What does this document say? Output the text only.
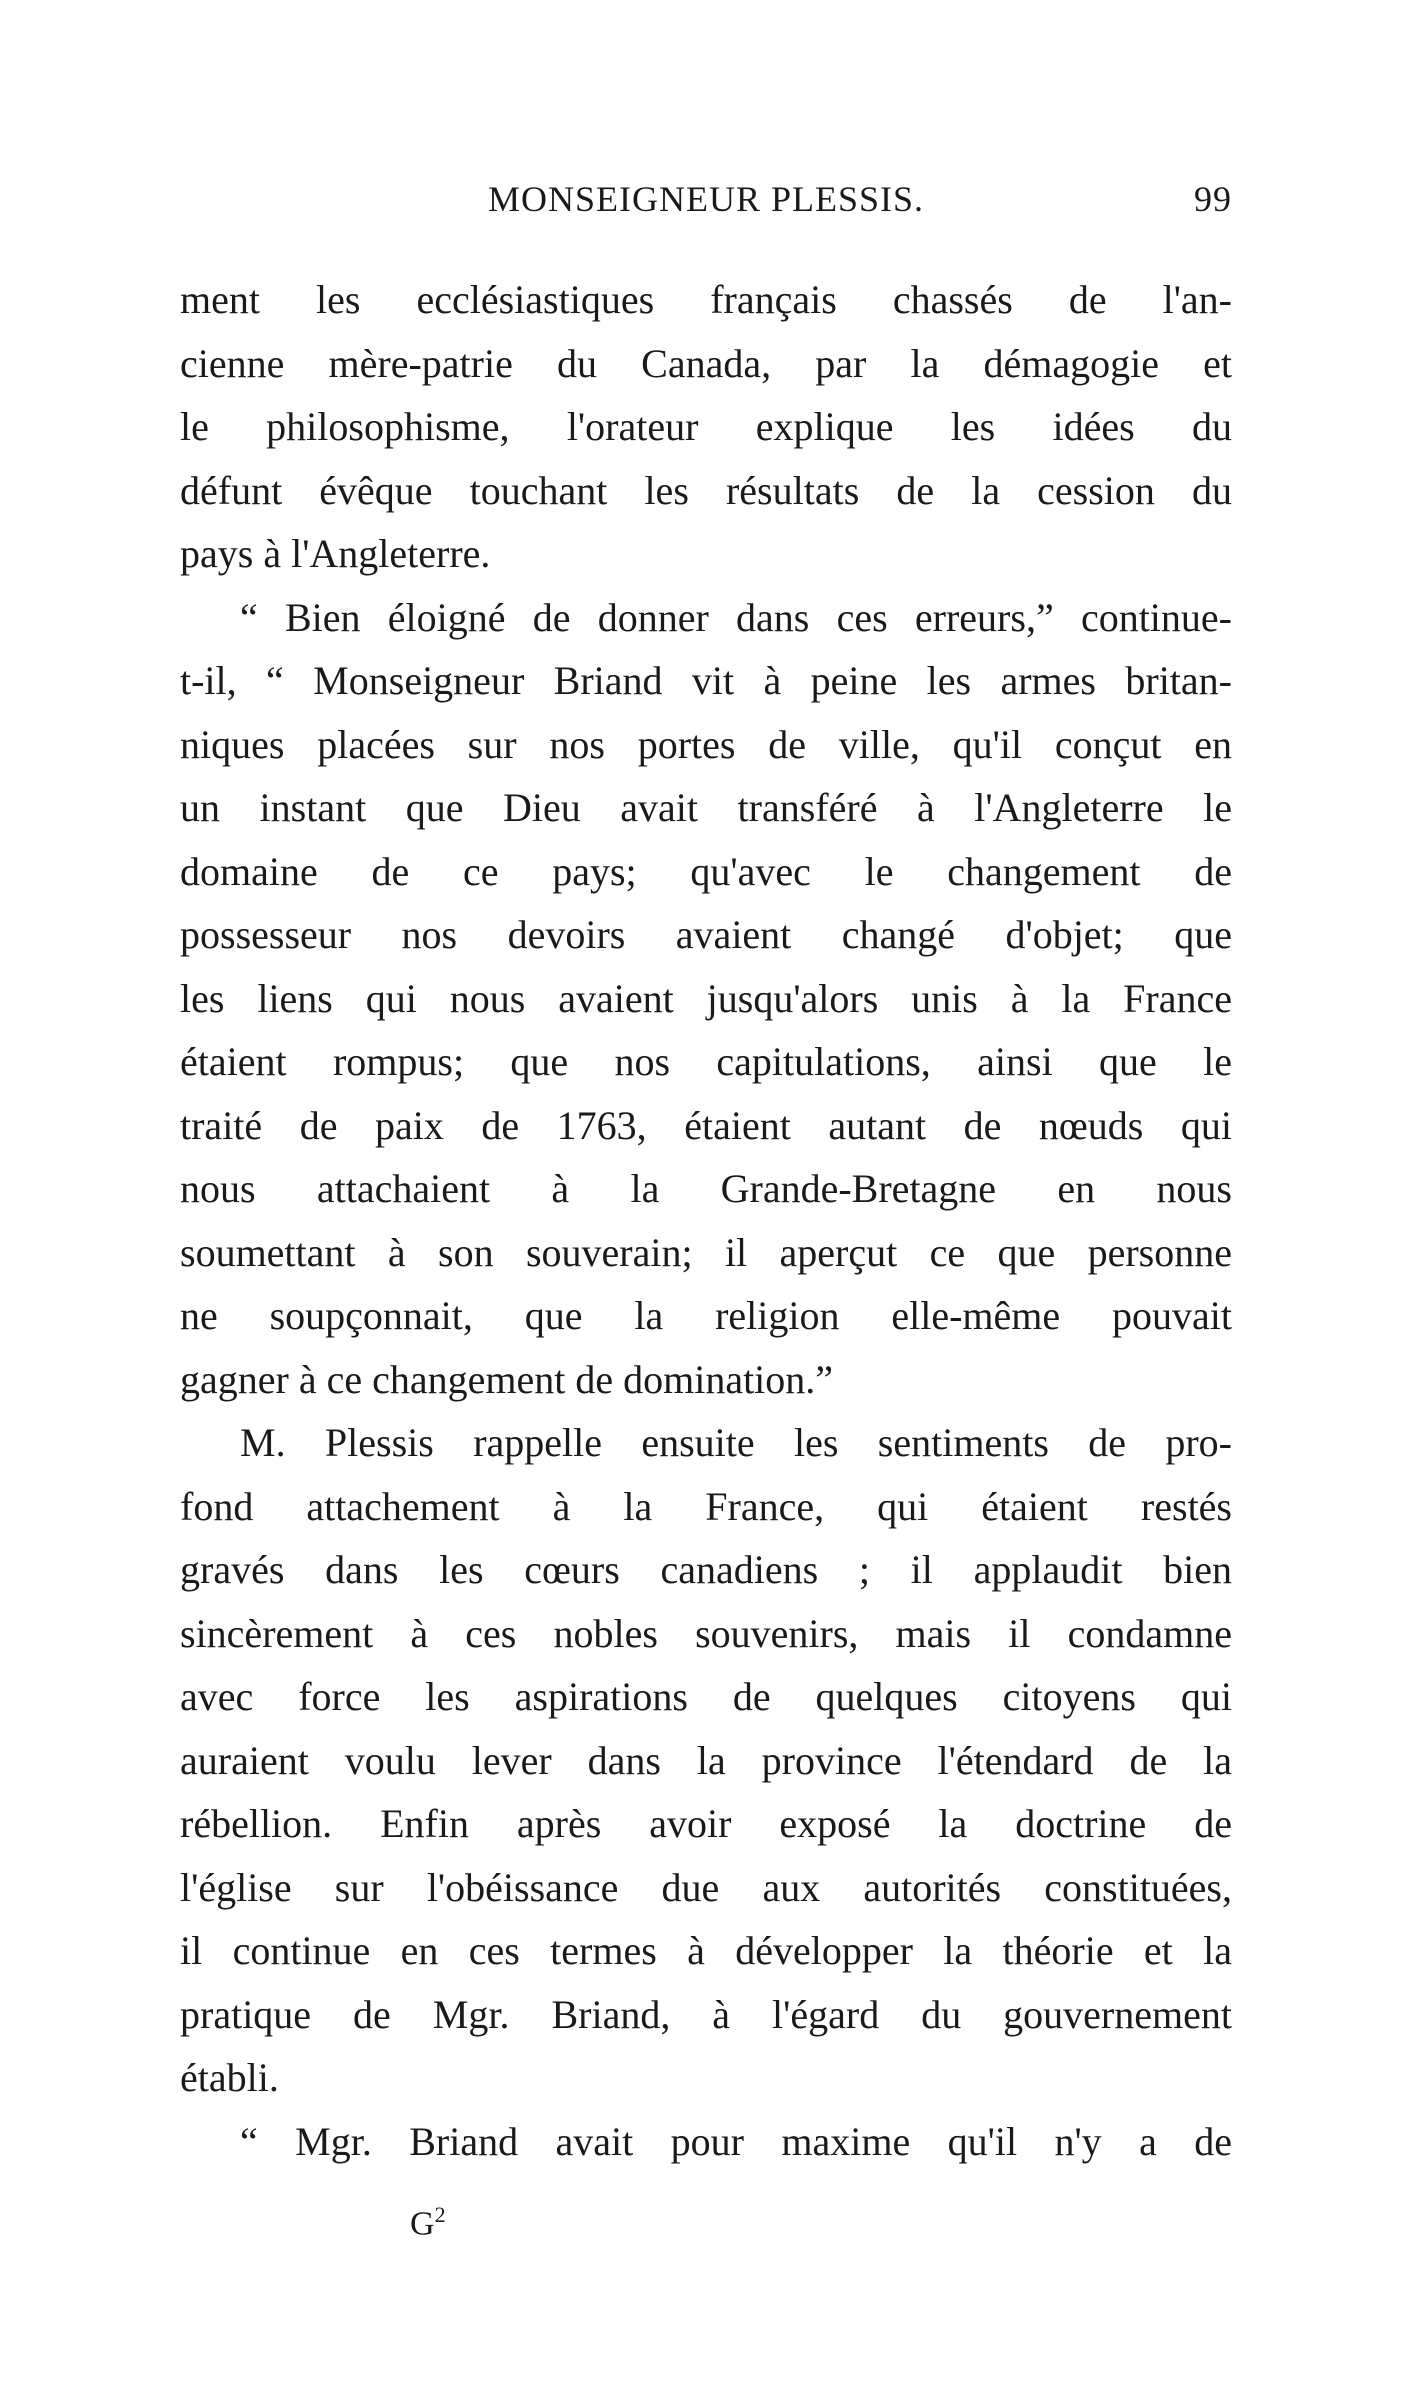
MONSEIGNEUR PLESSIS.	99
ment les ecclésiastiques français chassés de l'an-
cienne mère-patrie du Canada, par la démagogie et
le philosophisme, l'orateur explique les idées du
défunt évêque touchant les résultats de la cession du
pays à l'Angleterre.
“ Bien éloigné de donner dans ces erreurs,” continue-
t-il, “ Monseigneur Briand vit à peine les armes britan-
niques placées sur nos portes de ville, qu'il conçut en
un instant que Dieu avait transféré à l'Angleterre le
domaine de ce pays; qu'avec le changement de
possesseur nos devoirs avaient changé d'objet; que
les liens qui nous avaient jusqu'alors unis à la France
étaient rompus; que nos capitulations, ainsi que le
traité de paix de 1763, étaient autant de nœuds qui
nous attachaient à la Grande-Bretagne en nous
soumettant à son souverain; il aperçut ce que personne
ne soupçonnait, que la religion elle-même pouvait
gagner à ce changement de domination.”
M. Plessis rappelle ensuite les sentiments de pro-
fond attachement à la France, qui étaient restés
gravés dans les cœurs canadiens ; il applaudit bien
sincèrement à ces nobles souvenirs, mais il condamne
avec force les aspirations de quelques citoyens qui
auraient voulu lever dans la province l'étendard de la
rébellion. Enfin après avoir exposé la doctrine de
l'église sur l'obéissance due aux autorités constituées,
il continue en ces termes à développer la théorie et la
pratique de Mgr. Briand, à l'égard du gouvernement
établi.
“ Mgr. Briand avait pour maxime qu'il n'y a de
$G^2$
